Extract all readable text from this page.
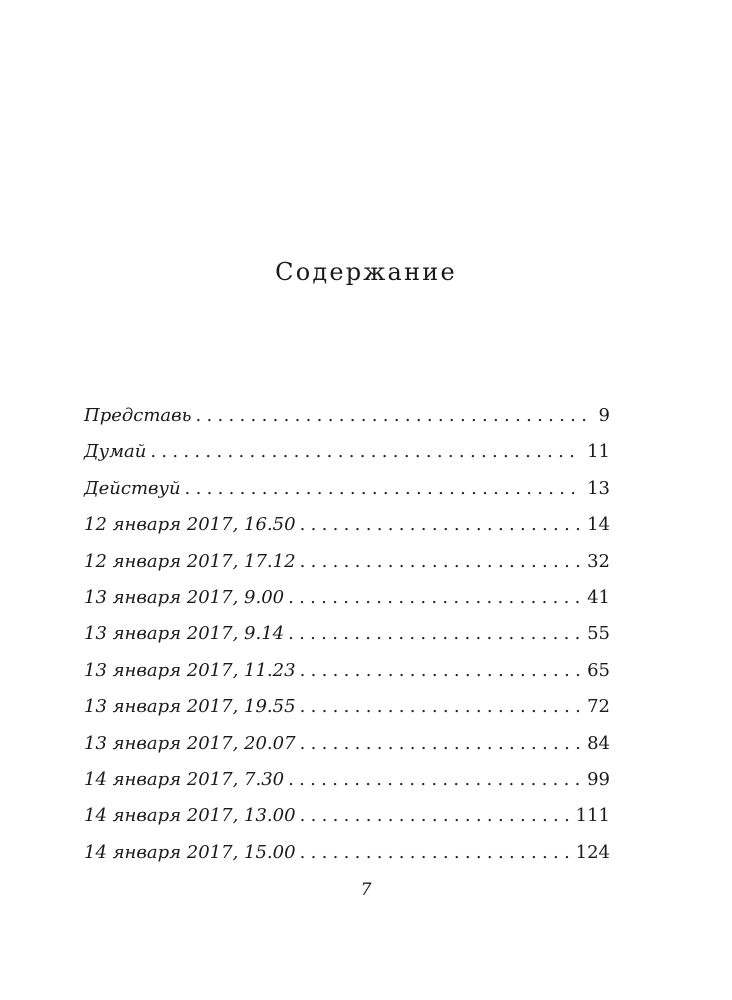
Содержание
Представь .....	9
Думай .....	11
Действуй .....	13
12 января 2017, 16.50 .....	14
12 января 2017, 17.12 .....	32
13 января 2017, 9.00 .....	41
13 января 2017, 9.14 .....	55
13 января 2017, 11.23 .....	65
13 января 2017, 19.55 .....	72
13 января 2017, 20.07 .....	84
14 января 2017, 7.30 .....	99
14 января 2017, 13.00 .....	111
14 января 2017, 15.00 .....	124
7
